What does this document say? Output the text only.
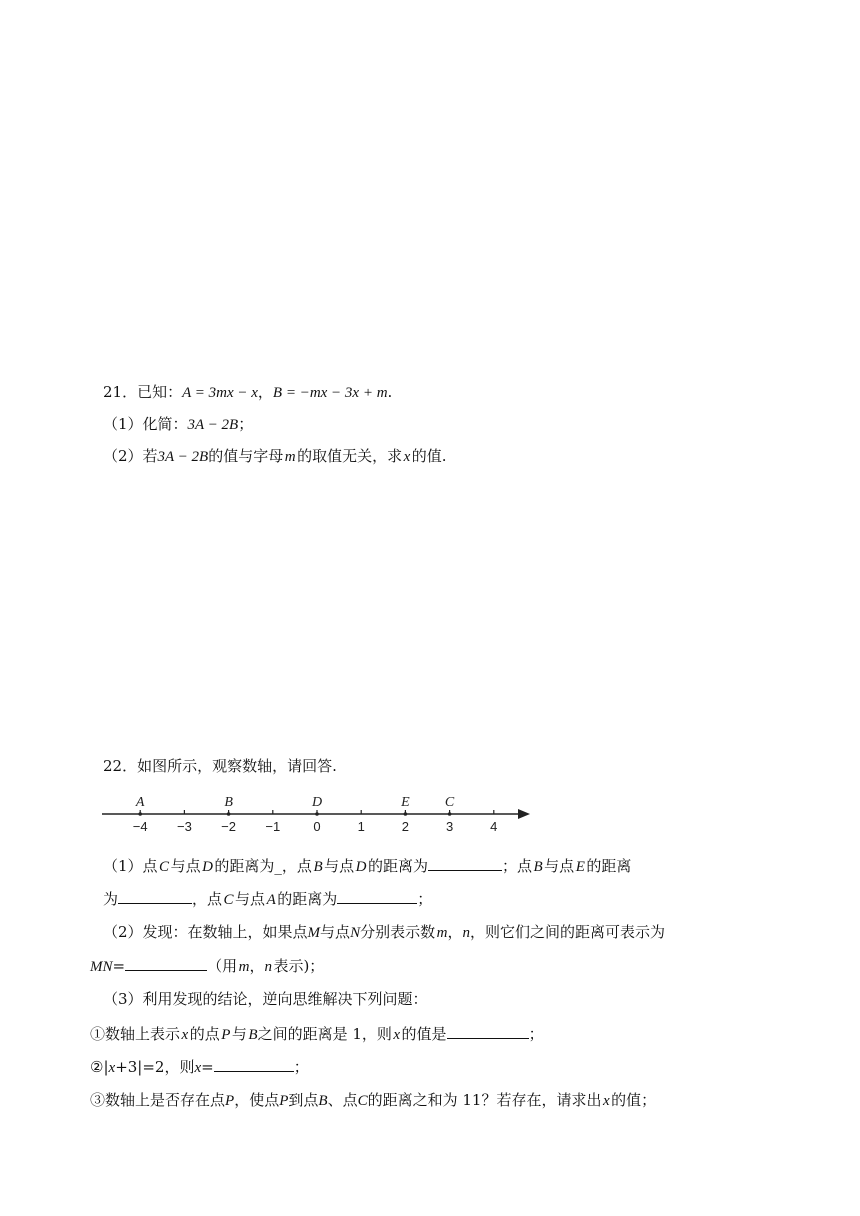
21．已知：A = 3mx − x，B = −mx − 3x + m.
（1）化简：3A − 2B；
（2）若3A − 2B的值与字母  m  的取值无关，求  x  的值.
22．如图所示，观察数轴，请回答.
−4 −3 −2 −1	0	1	2	3	4
A	B	D	E	C
（1）点  C  与点  D  的距离为_，点  B  与点  D  的距离为	；点  B  与点  E  的距离
为	，点  C  与点  A  的距离为	；
（2）发现：在数轴上，如果点M与点N分别表示数  m，n，则它们之间的距离可表示为
MN=	（用  m，n  表示)；
（3）利用发现的结论，逆向思维解决下列问题：
①数轴上表示  x  的点  P  与  B之间的距离是 1，则  x  的值是	；
②|x+3|=2，则x=	；
③数轴上是否存在点P，使点P到点B、点C的距离之和为 11？若存在，请求出  x  的值；
